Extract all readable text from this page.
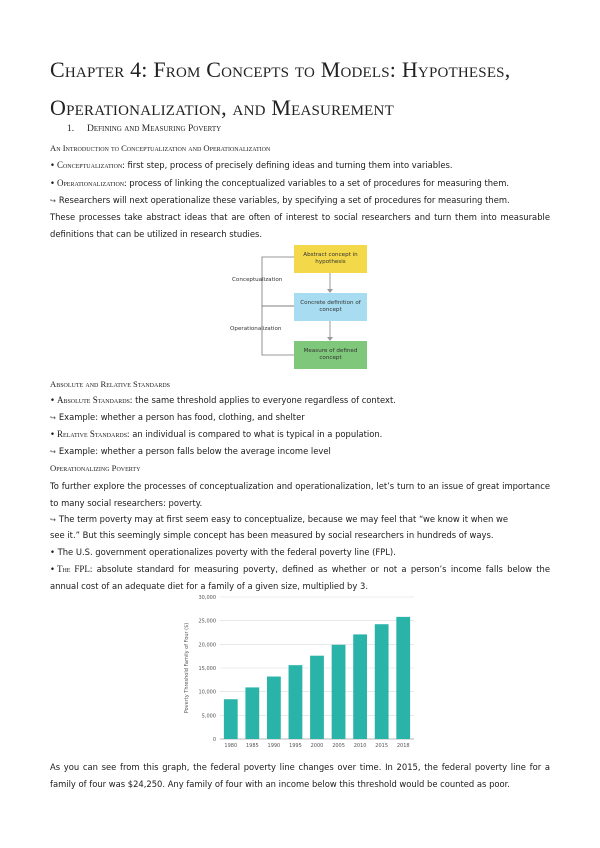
Chapter 4: From Concepts to Models: Hypotheses, Operationalization, and Measurement
1. Defining and Measuring Poverty
An Introduction to Conceptualization and Operationalization
• Conceptualization: first step, process of precisely defining ideas and turning them into variables.
• Operationalization: process of linking the conceptualized variables to a set of procedures for measuring them.
↪ Researchers will next operationalize these variables, by specifying a set of procedures for measuring them.
These processes take abstract ideas that are often of interest to social researchers and turn them into measurable definitions that can be utilized in research studies.
Abstract concept in hypothesis
Concrete definition of concept
Measure of defined concept
Conceptualization
Operationalization
Absolute and Relative Standards
• Absolute Standards: the same threshold applies to everyone regardless of context.
↪ Example: whether a person has food, clothing, and shelter
• Relative Standards: an individual is compared to what is typical in a population.
↪ Example: whether a person falls below the average income level
Operationalizing Poverty
To further explore the processes of conceptualization and operationalization, let’s turn to an issue of great importance to many social researchers: poverty.
↪ The term poverty may at first seem easy to conceptualize, because we may feel that “we know it when we
see it.” But this seemingly simple concept has been measured by social researchers in hundreds of ways.
• The U.S. government operationalizes poverty with the federal poverty line (FPL).
• The FPL: absolute standard for measuring poverty, defined as whether or not a person’s income falls below the annual cost of an adequate diet for a family of a given size, multiplied by 3.
0
5,000
10,000
15,000
20,000
25,000
30,000
1980 1985 1990 1995 2000 2005 2010 2015 2018
Poverty Threshold Family of Four ($)
As you can see from this graph, the federal poverty line changes over time. In 2015, the federal poverty line for a family of four was $24,250. Any family of four with an income below this threshold would be counted as poor.
